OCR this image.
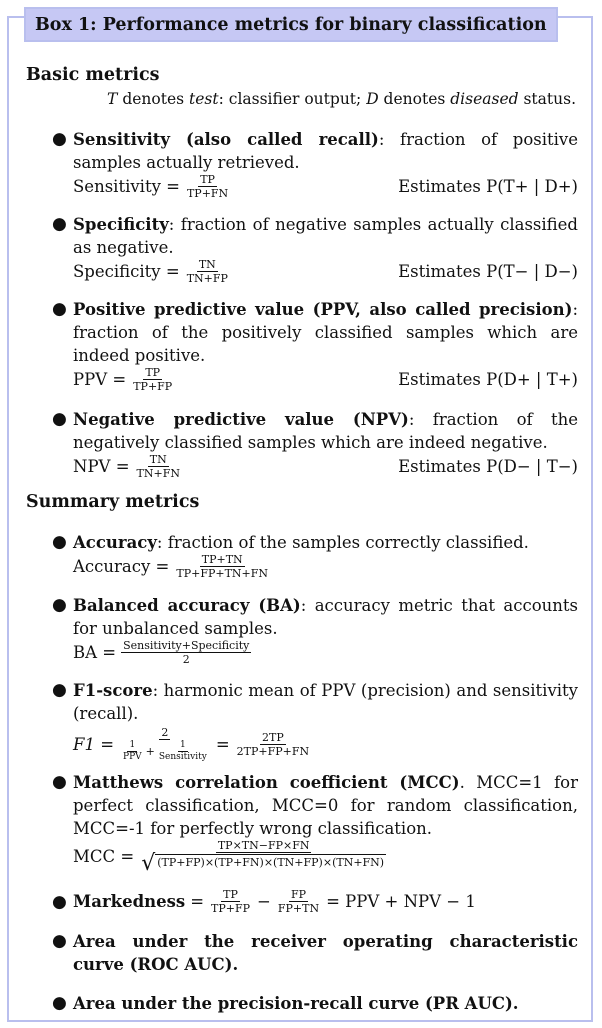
Box 1: Performance metrics for binary classification
Basic metrics
T denotes test: classifier output; D denotes diseased status.
● Sensitivity (also called recall): fraction of positive samples actually retrieved.
Sensitivity = $\frac{TP}{TP+FN}$	Estimates P(T+ | D+)
● Specificity: fraction of negative samples actually classified as negative.
Specificity = $\frac{TN}{TN+FP}$	Estimates P(T− | D−)
● Positive predictive value (PPV, also called precision): fraction of the positively classified samples which are indeed positive.
PPV = $\frac{TP}{TP+FP}$	Estimates P(D+ | T+)
● Negative predictive value (NPV): fraction of the negatively classified samples which are indeed negative.
NPV = $\frac{TN}{TN+FN}$	Estimates P(D− | T−)
Summary metrics
● Accuracy: fraction of the samples correctly classified.
Accuracy = $\frac{TP+TN}{TP+FP+TN+FN}$
● Balanced accuracy (BA): accuracy metric that accounts for unbalanced samples.
BA = $\frac{\text{Sensitivity+Specificity}}{2}$
● F1-score: harmonic mean of PPV (precision) and sensitivity (recall).
$F1 = \frac{2}{\frac{1}{\text{PPV}} + \frac{1}{\text{Sensitivity}}} = \frac{2TP}{2TP+FP+FN}$
● Matthews correlation coefficient (MCC). MCC=1 for perfect classification, MCC=0 for random classification, MCC=-1 for perfectly wrong classification.
MCC = $\frac{TP\times TN-FP\times FN}{√ (TP+FP)\times(TP+FN)\times(TN+FP)\times(TN+FN)}$
● Markedness = $\frac{TP}{TP+FP} - \frac{FP}{FP+TN}$ = PPV + NPV − 1
● Area under the receiver operating characteristic curve (ROC AUC).
● Area under the precision-recall curve (PR AUC).
